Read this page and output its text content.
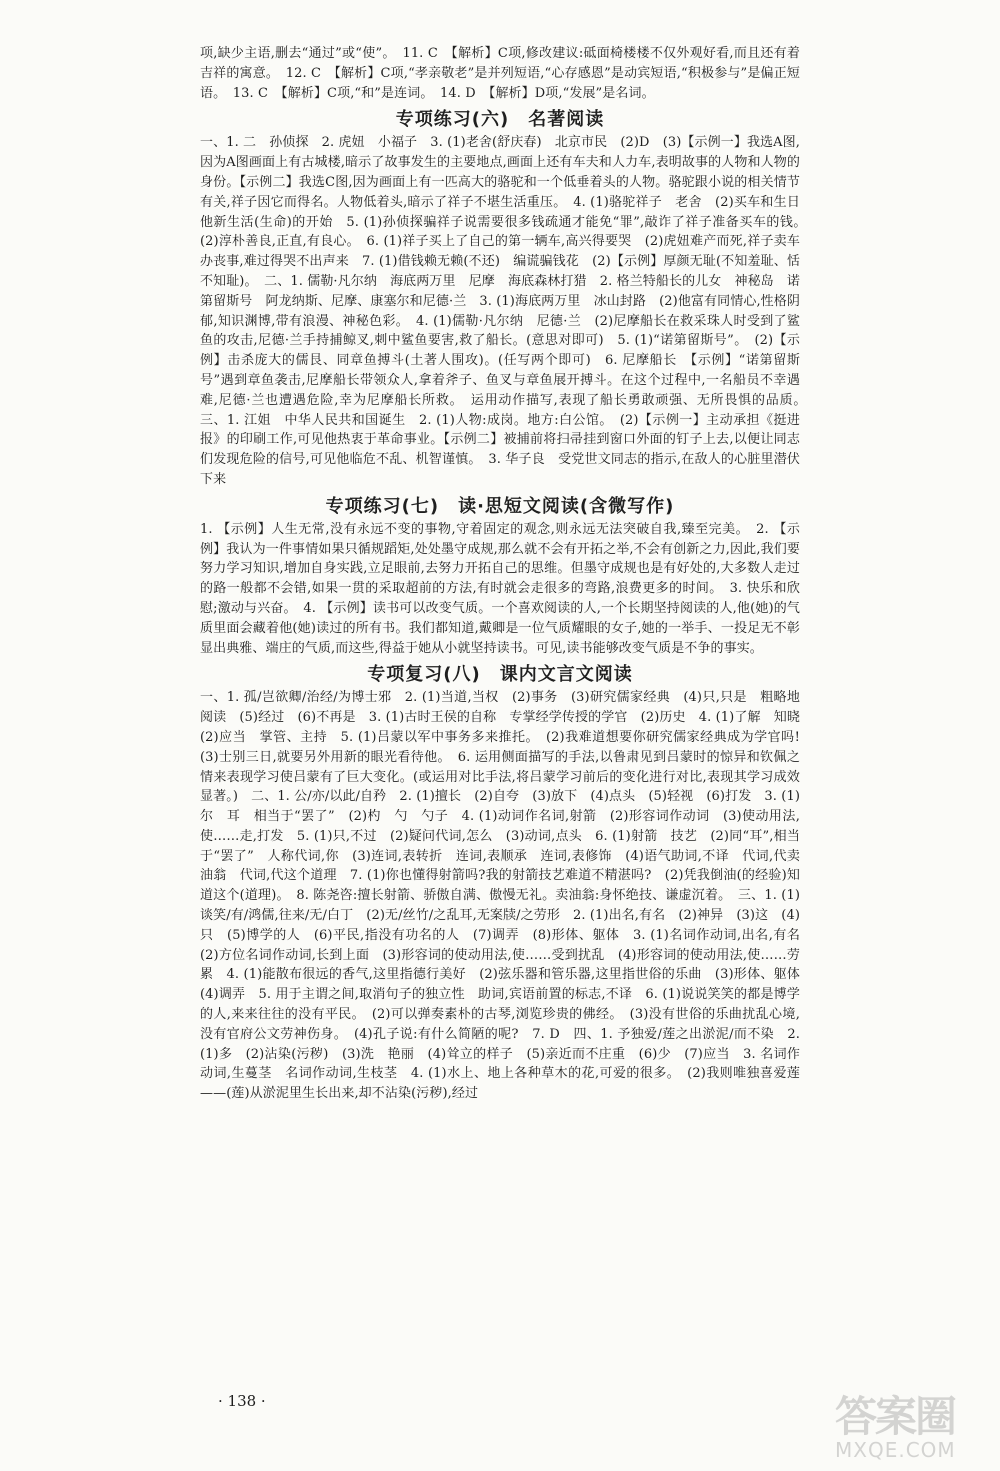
项,缺少主语,删去“通过”或“使”。　11. C　【解析】C项,修改建议:砥面椅楼楼不仅外观好看,而且还有着吉祥的寓意。　12. C　【解析】C项,“孝亲敬老”是并列短语,“心存感恩”是动宾短语,“积极参与”是偏正短语。　13. C　【解析】C项,“和”是连词。　14. D　【解析】D项,“发展”是名词。

专项练习(六)　名著阅读

一、1. 二　孙侦探　2. 虎妞　小福子　3. (1)老舍(舒庆春)　北京市民　(2)D　(3)【示例一】我选A图,因为A图画面上有古城楼,暗示了故事发生的主要地点,画面上还有车夫和人力车,表明故事的人物和人物的身份。【示例二】我选C图,因为画面上有一匹高大的骆驼和一个低垂着头的人物。骆驼跟小说的相关情节有关,祥子因它而得名。人物低着头,暗示了祥子不堪生活重压。　4. (1)骆驼祥子　老舍　(2)买车和生日　他新生活(生命)的开始　5. (1)孙侦探骗祥子说需要很多钱疏通才能免“罪”,敲诈了祥子准备买车的钱。　(2)淳朴善良,正直,有良心。　6. (1)祥子买上了自己的第一辆车,高兴得要哭　(2)虎妞难产而死,祥子卖车办丧事,难过得哭不出声来　7. (1)借钱赖无赖(不还)　编谎骗钱花　(2)【示例】厚颜无耻(不知羞耻、恬不知耻)。　二、1. 儒勒·凡尔纳　海底两万里　尼摩　海底森林打猎　2. 格兰特船长的儿女　神秘岛　诺第留斯号　阿龙纳斯、尼摩、康塞尔和尼德·兰　3. (1)海底两万里　冰山封路　(2)他富有同情心,性格阴郁,知识渊博,带有浪漫、神秘色彩。　4. (1)儒勒·凡尔纳　尼德·兰　(2)尼摩船长在救采珠人时受到了鲨鱼的攻击,尼德·兰手持捕鲸叉,刺中鲨鱼要害,救了船长。(意思对即可)　5. (1)“诺第留斯号”。　(2)【示例】击杀庞大的儒艮、同章鱼搏斗(土著人围攻)。(任写两个即可)　6. 尼摩船长　【示例】“诺第留斯号”遇到章鱼袭击,尼摩船长带领众人,拿着斧子、鱼叉与章鱼展开搏斗。在这个过程中,一名船员不幸遇难,尼德·兰也遭遇危险,幸为尼摩船长所救。　运用动作描写,表现了船长勇敢顽强、无所畏惧的品质。　三、1. 江姐　中华人民共和国诞生　2. (1)人物:成岗。地方:白公馆。　(2)【示例一】主动承担《挺进报》的印刷工作,可见他热衷于革命事业。【示例二】被捕前将扫帚挂到窗口外面的钉子上去,以便让同志们发现危险的信号,可见他临危不乱、机智谨慎。　3. 华子良　受党世文同志的指示,在敌人的心脏里潜伏下来

专项练习(七)　读·思短文阅读(含微写作)

1. 【示例】人生无常,没有永远不变的事物,守着固定的观念,则永远无法突破自我,臻至完美。　2. 【示例】我认为一件事情如果只循规蹈矩,处处墨守成规,那么就不会有开拓之举,不会有创新之力,因此,我们要努力学习知识,增加自身实践,立足眼前,去努力开拓自己的思维。但墨守成规也是有好处的,大多数人走过的路一般都不会错,如果一贯的采取超前的方法,有时就会走很多的弯路,浪费更多的时间。　3. 快乐和欣慰;激动与兴奋。　4. 【示例】读书可以改变气质。一个喜欢阅读的人,一个长期坚持阅读的人,他(她)的气质里面会藏着他(她)读过的所有书。我们都知道,戴卿是一位气质耀眼的女子,她的一举手、一投足无不彰显出典雅、端庄的气质,而这些,得益于她从小就坚持读书。可见,读书能够改变气质是不争的事实。

专项复习(八)　课内文言文阅读

一、1. 孤/岂欲卿/治经/为博士邪　2. (1)当道,当权　(2)事务　(3)研究儒家经典　(4)只,只是　粗略地阅读　(5)经过　(6)不再是　3. (1)古时王侯的自称　专掌经学传授的学官　(2)历史　4. (1)了解　知晓　(2)应当　掌管、主持　5. (1)吕蒙以军中事务多来推托。　(2)我难道想要你研究儒家经典成为学官吗!　(3)士别三日,就要另外用新的眼光看待他。　6. 运用侧面描写的手法,以鲁肃见到吕蒙时的惊异和钦佩之情来表现学习使吕蒙有了巨大变化。(或运用对比手法,将吕蒙学习前后的变化进行对比,表现其学习成效显著。)　二、1. 公/亦/以此/自矜　2. (1)擅长　(2)自夸　(3)放下　(4)点头　(5)轻视　(6)打发　3. (1)尔　耳　相当于“罢了”　(2)杓　勺　勺子　4. (1)动词作名词,射箭　(2)形容词作动词　(3)使动用法,使……走,打发　5. (1)只,不过　(2)疑问代词,怎么　(3)动词,点头　6. (1)射箭　技艺　(2)同“耳”,相当于“罢了”　人称代词,你　(3)连词,表转折　连词,表顺承　连词,表修饰　(4)语气助词,不译　代词,代卖油翁　代词,代这个道理　7. (1)你也懂得射箭吗?我的射箭技艺难道不精湛吗?　(2)凭我倒油(的经验)知道这个(道理)。　8. 陈尧咨:擅长射箭、骄傲自满、傲慢无礼。卖油翁:身怀绝技、谦虚沉着。　三、1. (1)谈笑/有/鸿儒,往来/无/白丁　(2)无/丝竹/之乱耳,无案牍/之劳形　2. (1)出名,有名　(2)神异　(3)这　(4)只　(5)博学的人　(6)平民,指没有功名的人　(7)调弄　(8)形体、躯体　3. (1)名词作动词,出名,有名　(2)方位名词作动词,长到上面　(3)形容词的使动用法,使……受到扰乱　(4)形容词的使动用法,使……劳累　4. (1)能散布很远的香气,这里指德行美好　(2)弦乐器和管乐器,这里指世俗的乐曲　(3)形体、躯体　(4)调弄　5. 用于主谓之间,取消句子的独立性　助词,宾语前置的标志,不译　6. (1)说说笑笑的都是博学的人,来来往往的没有平民。　(2)可以弹奏素朴的古琴,浏览珍贵的佛经。　(3)没有世俗的乐曲扰乱心境,没有官府公文劳神伤身。　(4)孔子说:有什么简陋的呢?　7. D　四、1. 予独爱/莲之出淤泥/而不染　2. (1)多　(2)沾染(污秽)　(3)洗　艳丽　(4)耸立的样子　(5)亲近而不庄重　(6)少　(7)应当　3. 名词作动词,生蔓茎　名词作动词,生枝茎　4. (1)水上、地上各种草木的花,可爱的很多。　(2)我则唯独喜爱莲——(莲)从淤泥里生长出来,却不沾染(污秽),经过

· 138 ·	答案圈
MXQE.COM
